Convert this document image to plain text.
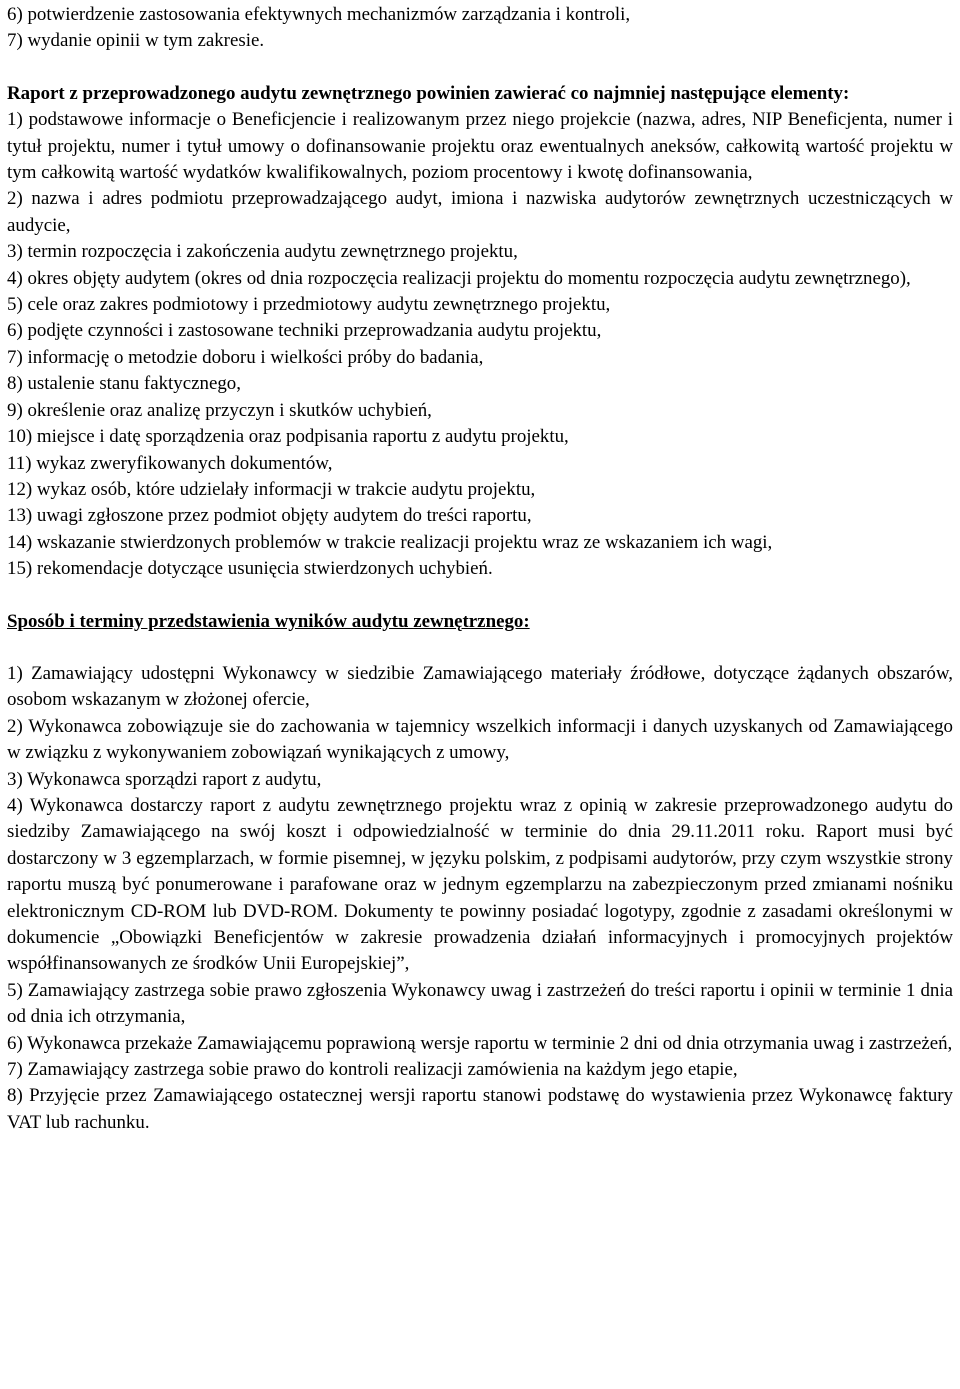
6) potwierdzenie zastosowania efektywnych mechanizmów zarządzania i kontroli,

7) wydanie opinii w tym zakresie.

Raport z przeprowadzonego audytu zewnętrznego powinien zawierać co najmniej następujące elementy:

1) podstawowe informacje o Beneficjencie i realizowanym przez niego projekcie (nazwa, adres, NIP Beneficjenta, numer i tytuł projektu, numer i tytuł umowy o dofinansowanie projektu oraz ewentualnych aneksów, całkowitą wartość projektu w tym całkowitą wartość wydatków kwalifikowalnych, poziom procentowy i kwotę dofinansowania,

2) nazwa i adres podmiotu przeprowadzającego audyt, imiona i nazwiska audytorów zewnętrznych uczestniczących w audycie,

3) termin rozpoczęcia i zakończenia audytu zewnętrznego projektu,

4) okres objęty audytem (okres od dnia rozpoczęcia realizacji projektu do momentu rozpoczęcia audytu zewnętrznego),

5) cele oraz zakres podmiotowy i przedmiotowy audytu zewnętrznego projektu,

6) podjęte czynności i zastosowane techniki przeprowadzania audytu projektu,

7) informację o metodzie doboru i wielkości próby do badania,

8) ustalenie stanu faktycznego,

9) określenie oraz analizę przyczyn i skutków uchybień,

10) miejsce i datę sporządzenia oraz podpisania raportu z audytu projektu,

11) wykaz zweryfikowanych dokumentów,

12) wykaz osób, które udzielały informacji w trakcie audytu projektu,

13) uwagi zgłoszone przez podmiot objęty audytem do treści raportu,

14) wskazanie stwierdzonych problemów w trakcie realizacji projektu wraz ze wskazaniem ich wagi,

15) rekomendacje dotyczące usunięcia stwierdzonych uchybień.

Sposób i terminy przedstawienia wyników audytu zewnętrznego:

1) Zamawiający udostępni Wykonawcy w siedzibie Zamawiającego materiały źródłowe, dotyczące żądanych obszarów, osobom wskazanym w złożonej ofercie,

2) Wykonawca zobowiązuje sie do zachowania w tajemnicy wszelkich informacji i danych uzyskanych od Zamawiającego w związku z wykonywaniem zobowiązań wynikających z umowy,

3) Wykonawca sporządzi raport z audytu,

4) Wykonawca dostarczy raport z audytu zewnętrznego projektu wraz z opinią w zakresie przeprowadzonego audytu do siedziby Zamawiającego na swój koszt i odpowiedzialność w terminie do dnia 29.11.2011 roku. Raport musi być dostarczony w 3 egzemplarzach, w formie pisemnej, w języku polskim, z podpisami audytorów, przy czym wszystkie strony raportu muszą być ponumerowane i parafowane oraz w jednym egzemplarzu na zabezpieczonym przed zmianami nośniku elektronicznym CD-ROM lub DVD-ROM. Dokumenty te powinny posiadać logotypy, zgodnie z zasadami określonymi w dokumencie „Obowiązki Beneficjentów w zakresie prowadzenia działań informacyjnych i promocyjnych projektów współfinansowanych ze środków Unii Europejskiej”,

5) Zamawiający zastrzega sobie prawo zgłoszenia Wykonawcy uwag i zastrzeżeń do treści raportu i opinii w terminie 1 dnia od dnia ich otrzymania,

6) Wykonawca przekaże Zamawiającemu poprawioną wersje raportu w terminie 2 dni od dnia otrzymania uwag i zastrzeżeń,

7) Zamawiający zastrzega sobie prawo do kontroli realizacji zamówienia na każdym jego etapie,

8) Przyjęcie przez Zamawiającego ostatecznej wersji raportu stanowi podstawę do wystawienia przez Wykonawcę faktury VAT lub rachunku.
